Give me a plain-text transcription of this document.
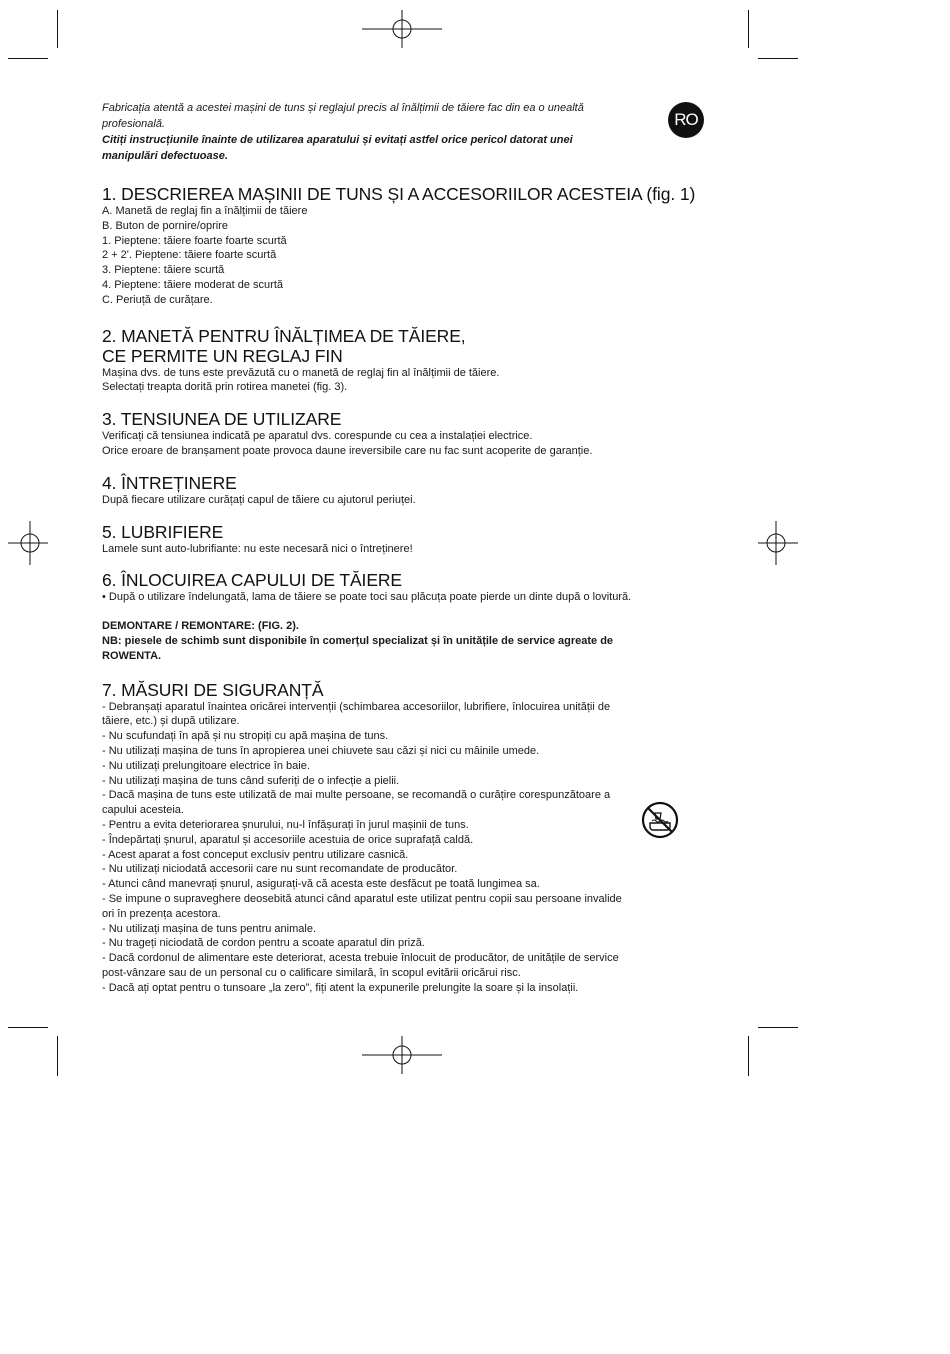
RO

Fabricația atentă a acestei mașini de tuns și reglajul precis al înălțimii de tăiere fac din ea o unealtă

profesională.

Citiți instrucțiunile înainte de utilizarea aparatului și evitați astfel orice pericol datorat unei

manipulări defectuoase.

1. DESCRIEREA MAȘINII DE TUNS ȘI A ACCESORIILOR ACESTEIA (fig. 1)

A. Manetă de reglaj fin a înălțimii de tăiere

B. Buton de pornire/oprire

1. Pieptene: tăiere foarte foarte scurtă

2 + 2'. Pieptene: tăiere foarte scurtă

3. Pieptene: tăiere scurtă

4. Pieptene: tăiere moderat de scurtă

C. Periuță de curățare.

2. MANETĂ PENTRU ÎNĂLȚIMEA DE TĂIERE,
CE PERMITE UN REGLAJ FIN

Mașina dvs. de tuns este prevăzută cu o manetă de reglaj fin al înălțimii de tăiere.

Selectați treapta dorită prin rotirea manetei (fig. 3).

3. TENSIUNEA DE UTILIZARE

Verificați că tensiunea indicată pe aparatul dvs. corespunde cu cea a instalației electrice.

Orice eroare de branșament poate provoca daune ireversibile care nu fac sunt acoperite de garanție.

4. ÎNTREȚINERE

După fiecare utilizare curățați capul de tăiere cu ajutorul periuței.

5. LUBRIFIERE

Lamele sunt auto-lubrifiante: nu este necesară nici o întreținere!

6. ÎNLOCUIREA CAPULUI DE TĂIERE

• După o utilizare îndelungată, lama de tăiere se poate toci sau plăcuța poate pierde un dinte după o lovitură.

DEMONTARE / REMONTARE: (FIG. 2).

NB: piesele de schimb sunt disponibile în comerțul specializat și în unitățile de service agreate de

ROWENTA.

7. MĂSURI DE SIGURANȚĂ

- Debranșați aparatul înaintea oricărei intervenții (schimbarea accesoriilor, lubrifiere, înlocuirea unității de

tăiere, etc.) și după utilizare.

- Nu scufundați în apă și nu stropiți cu apă mașina de tuns.

- Nu utilizați mașina de tuns în apropierea unei chiuvete sau căzi și nici cu mâinile umede.

- Nu utilizați prelungitoare electrice în baie.

- Nu utilizați mașina de tuns când suferiți de o infecție a pielii.

- Dacă mașina de tuns este utilizată de mai multe persoane, se recomandă o curățire corespunzătoare a

capului acesteia.

- Pentru a evita deteriorarea șnurului, nu-l înfășurați în jurul mașinii de tuns.

- Îndepărtați șnurul, aparatul și accesoriile acestuia de orice suprafață caldă.

- Acest aparat a fost conceput exclusiv pentru utilizare casnică.

- Nu utilizați niciodată accesorii care nu sunt recomandate de producător.

- Atunci când manevrați șnurul, asigurați-vă că acesta este desfăcut pe toată lungimea sa.

- Se impune o supraveghere deosebită atunci când aparatul este utilizat pentru copii sau persoane invalide

ori în prezența acestora.

- Nu utilizați mașina de tuns pentru animale.

- Nu trageți niciodată de cordon pentru a scoate aparatul din priză.

- Dacă cordonul de alimentare este deteriorat, acesta trebuie înlocuit de producător, de unitățile de service

post-vânzare sau de un personal cu o calificare similară, în scopul evitării oricărui risc.

- Dacă ați optat pentru o tunsoare „la zero”, fiți atent la expunerile prelungite la soare și la insolații.
